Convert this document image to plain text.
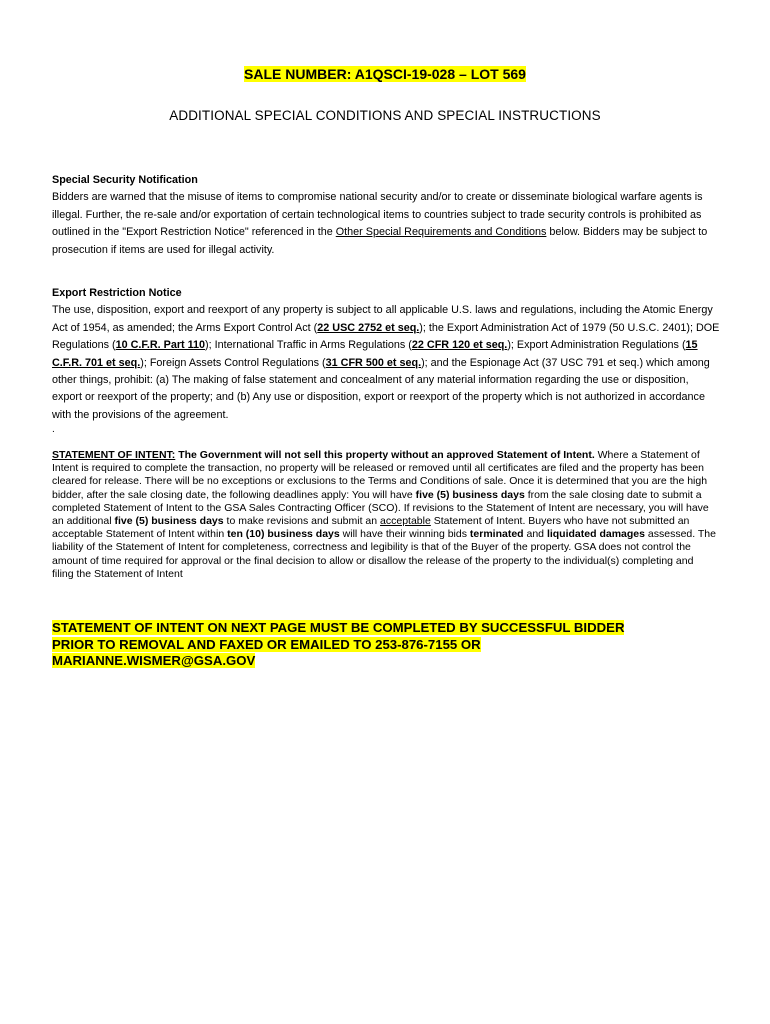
SALE NUMBER: A1QSCI-19-028 – LOT 569
ADDITIONAL SPECIAL CONDITIONS AND SPECIAL INSTRUCTIONS
Special Security Notification

Bidders are warned that the misuse of items to compromise national security and/or to create or disseminate biological warfare agents is illegal. Further, the re-sale and/or exportation of certain technological items to countries subject to trade security controls is prohibited as outlined in the "Export Restriction Notice" referenced in the Other Special Requirements and Conditions below. Bidders may be subject to prosecution if items are used for illegal activity.

Export Restriction Notice

The use, disposition, export and reexport of any property is subject to all applicable U.S. laws and regulations, including the Atomic Energy Act of 1954, as amended; the Arms Export Control Act (22 USC 2752 et seq.); the Export Administration Act of 1979 (50 U.S.C. 2401); DOE Regulations (10 C.F.R. Part 110); International Traffic in Arms Regulations (22 CFR 120 et seq.); Export Administration Regulations (15 C.F.R. 701 et seq.); Foreign Assets Control Regulations (31 CFR 500 et seq.); and the Espionage Act (37 USC 791 et seq.) which among other things, prohibit: (a) The making of false statement and concealment of any material information regarding the use or disposition, export or reexport of the property; and (b) Any use or disposition, export or reexport of the property which is not authorized in accordance with the provisions of the agreement.

.
STATEMENT OF INTENT: The Government will not sell this property without an approved Statement of Intent. Where a Statement of Intent is required to complete the transaction, no property will be released or removed until all certificates are filed and the property has been cleared for release. There will be no exceptions or exclusions to the Terms and Conditions of sale. Once it is determined that you are the high bidder, after the sale closing date, the following deadlines apply: You will have five (5) business days from the sale closing date to submit a completed Statement of Intent to the GSA Sales Contracting Officer (SCO). If revisions to the Statement of Intent are necessary, you will have an additional five (5) business days to make revisions and submit an acceptable Statement of Intent. Buyers who have not submitted an acceptable Statement of Intent within ten (10) business days will have their winning bids terminated and liquidated damages assessed. The liability of the Statement of Intent for completeness, correctness and legibility is that of the Buyer of the property. GSA does not control the amount of time required for approval or the final decision to allow or disallow the release of the property to the individual(s) completing and filing the Statement of Intent
STATEMENT OF INTENT ON NEXT PAGE MUST BE COMPLETED BY SUCCESSFUL BIDDER
PRIOR TO REMOVAL AND FAXED OR EMAILED TO 253-876-7155 OR
MARIANNE.WISMER@GSA.GOV
